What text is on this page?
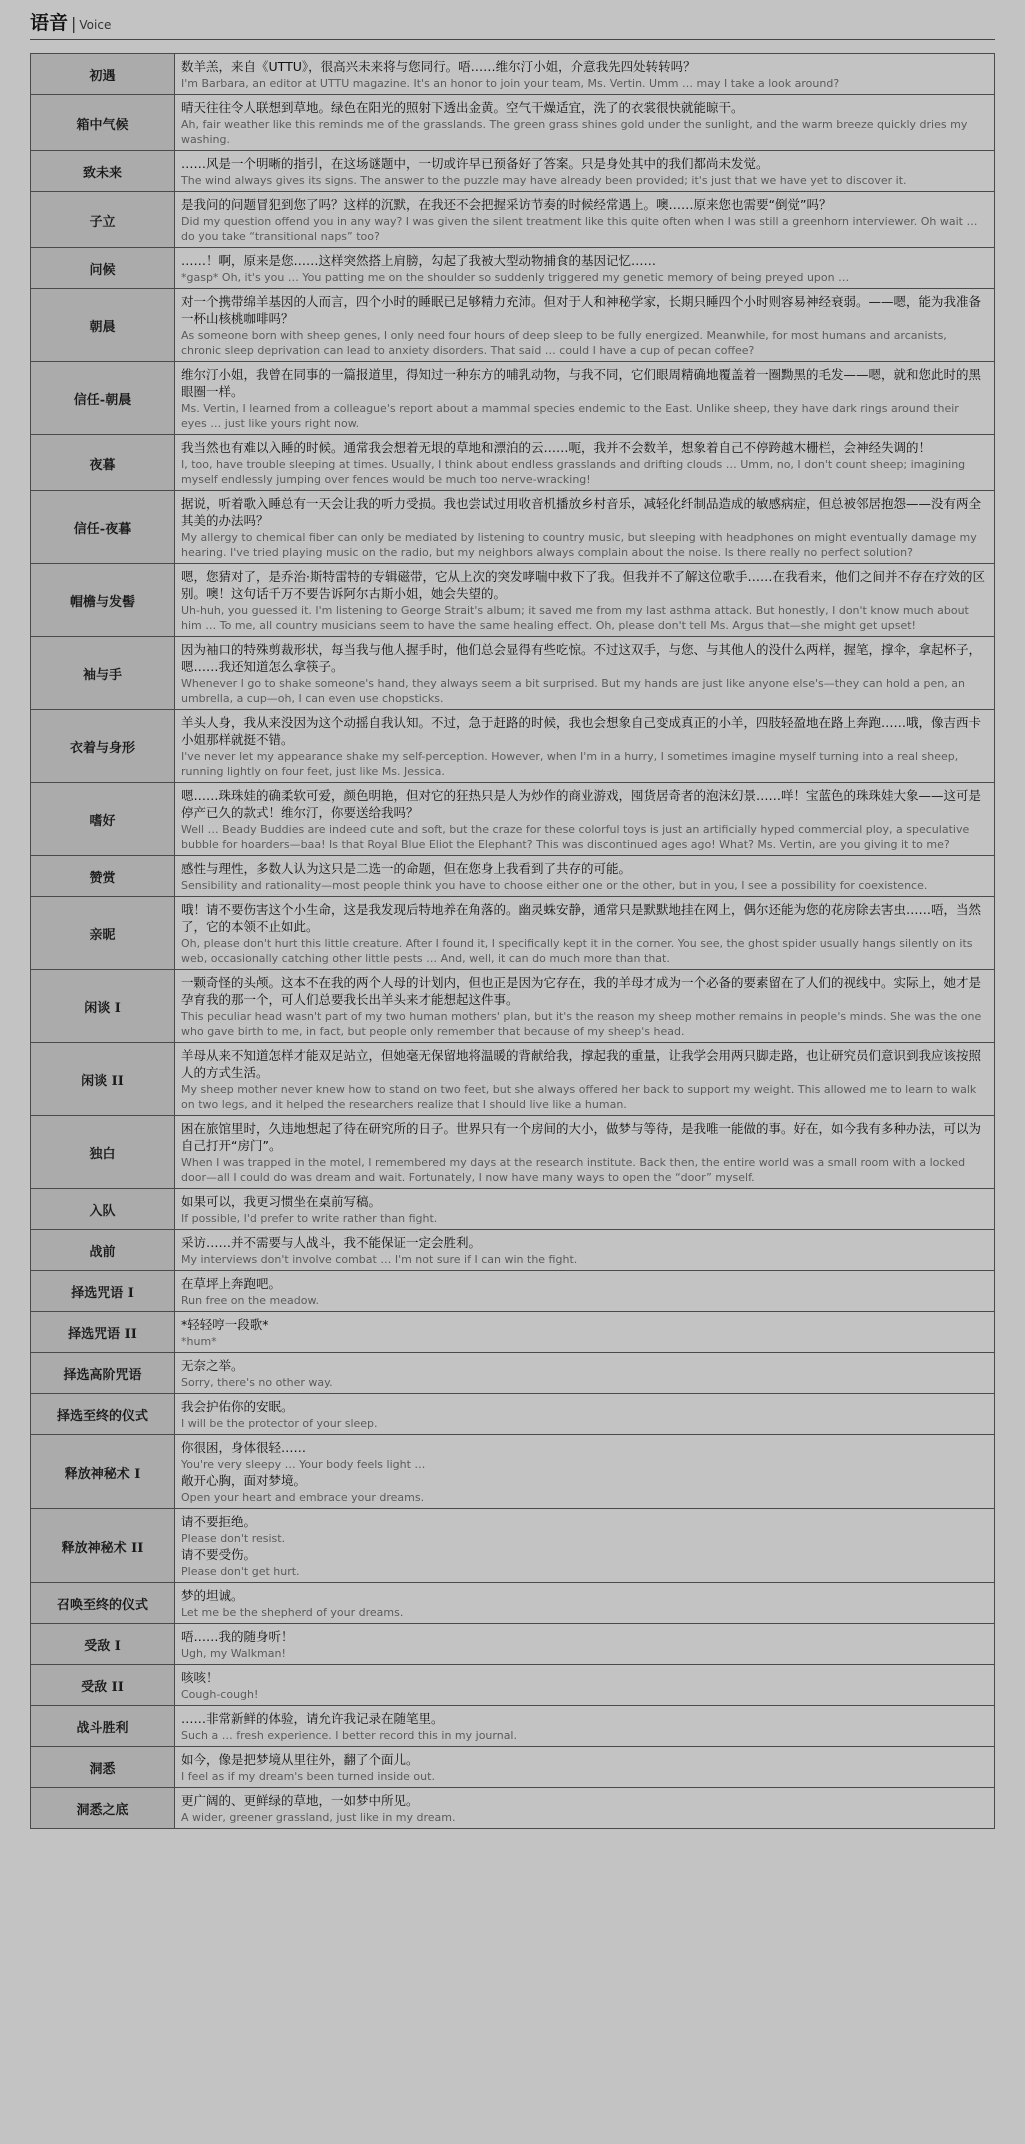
语音 | Voice
初遇	数羊羔，来自《UTTU》，很高兴未来将与您同行。唔……维尔汀小姐，介意我先四处转转吗？
I'm Barbara, an editor at UTTU magazine. It's an honor to join your team, Ms. Vertin. Umm … may I take a look around?

箱中气候	晴天往往令人联想到草地。绿色在阳光的照射下透出金黄。空气干燥适宜，洗了的衣裳很快就能晾干。
Ah, fair weather like this reminds me of the grasslands. The green grass shines gold under the sunlight, and the warm breeze quickly dries my washing.

致未来	……风是一个明晰的指引，在这场谜题中，一切或许早已预备好了答案。只是身处其中的我们都尚未发觉。
The wind always gives its signs. The answer to the puzzle may have already been provided; it's just that we have yet to discover it.

子立	是我问的问题冒犯到您了吗？这样的沉默，在我还不会把握采访节奏的时候经常遇上。噢……原来您也需要“倒觉”吗？
Did my question offend you in any way? I was given the silent treatment like this quite often when I was still a greenhorn interviewer. Oh wait … do you take “transitional naps” too?

问候	……！啊，原来是您……这样突然搭上肩膀，勾起了我被大型动物捕食的基因记忆……
*gasp* Oh, it's you … You patting me on the shoulder so suddenly triggered my genetic memory of being preyed upon …

朝晨	对一个携带绵羊基因的人而言，四个小时的睡眠已足够精力充沛。但对于人和神秘学家，长期只睡四个小时则容易神经衰弱。——嗯，能为我准备一杯山核桃咖啡吗？
As someone born with sheep genes, I only need four hours of deep sleep to be fully energized. Meanwhile, for most humans and arcanists, chronic sleep deprivation can lead to anxiety disorders. That said … could I have a cup of pecan coffee?

信任-朝晨	维尔汀小姐，我曾在同事的一篇报道里，得知过一种东方的哺乳动物，与我不同，它们眼周精确地覆盖着一圈黝黑的毛发——嗯，就和您此时的黑眼圈一样。
Ms. Vertin, I learned from a colleague's report about a mammal species endemic to the East. Unlike sheep, they have dark rings around their eyes … just like yours right now.

夜暮	我当然也有难以入睡的时候。通常我会想着无垠的草地和漂泊的云……呃，我并不会数羊，想象着自己不停跨越木栅栏，会神经失调的！
I, too, have trouble sleeping at times. Usually, I think about endless grasslands and drifting clouds … Umm, no, I don't count sheep; imagining myself endlessly jumping over fences would be much too nerve-wracking!

信任-夜暮	据说，听着歌入睡总有一天会让我的听力受损。我也尝试过用收音机播放乡村音乐，减轻化纤制品造成的敏感病症，但总被邻居抱怨——没有两全其美的办法吗？
My allergy to chemical fiber can only be mediated by listening to country music, but sleeping with headphones on might eventually damage my hearing. I've tried playing music on the radio, but my neighbors always complain about the noise. Is there really no perfect solution?

帽檐与发髻	嗯，您猜对了，是乔治·斯特雷特的专辑磁带，它从上次的突发哮喘中救下了我。但我并不了解这位歌手……在我看来，他们之间并不存在疗效的区别。噢！这句话千万不要告诉阿尔古斯小姐，她会失望的。
Uh-huh, you guessed it. I'm listening to George Strait's album; it saved me from my last asthma attack. But honestly, I don't know much about him … To me, all country musicians seem to have the same healing effect. Oh, please don't tell Ms. Argus that—she might get upset!

袖与手	因为袖口的特殊剪裁形状，每当我与他人握手时，他们总会显得有些吃惊。不过这双手，与您、与其他人的没什么两样，握笔，撑伞，拿起杯子，嗯……我还知道怎么拿筷子。
Whenever I go to shake someone's hand, they always seem a bit surprised. But my hands are just like anyone else's—they can hold a pen, an umbrella, a cup—oh, I can even use chopsticks.

衣着与身形	羊头人身，我从来没因为这个动摇自我认知。不过，急于赶路的时候，我也会想象自己变成真正的小羊，四肢轻盈地在路上奔跑……哦，像吉西卡小姐那样就挺不错。
I've never let my appearance shake my self-perception. However, when I'm in a hurry, I sometimes imagine myself turning into a real sheep, running lightly on four feet, just like Ms. Jessica.

嗜好	嗯……珠珠娃的确柔软可爱，颜色明艳，但对它的狂热只是人为炒作的商业游戏，囤货居奇者的泡沫幻景……咩！宝蓝色的珠珠娃大象——这可是停产已久的款式！维尔汀，你要送给我吗？
Well … Beady Buddies are indeed cute and soft, but the craze for these colorful toys is just an artificially hyped commercial ploy, a speculative bubble for hoarders—baa! Is that Royal Blue Eliot the Elephant? This was discontinued ages ago! What? Ms. Vertin, are you giving it to me?

赞赏	感性与理性，多数人认为这只是二选一的命题，但在您身上我看到了共存的可能。
Sensibility and rationality—most people think you have to choose either one or the other, but in you, I see a possibility for coexistence.

亲昵	哦！请不要伤害这个小生命，这是我发现后特地养在角落的。幽灵蛛安静，通常只是默默地挂在网上，偶尔还能为您的花房除去害虫……唔，当然了，它的本领不止如此。
Oh, please don't hurt this little creature. After I found it, I specifically kept it in the corner. You see, the ghost spider usually hangs silently on its web, occasionally catching other little pests … And, well, it can do much more than that.

闲谈 I	一颗奇怪的头颅。这本不在我的两个人母的计划内，但也正是因为它存在，我的羊母才成为一个必备的要素留在了人们的视线中。实际上，她才是孕育我的那一个，可人们总要我长出羊头来才能想起这件事。
This peculiar head wasn't part of my two human mothers' plan, but it's the reason my sheep mother remains in people's minds. She was the one who gave birth to me, in fact, but people only remember that because of my sheep's head.

闲谈 II	羊母从来不知道怎样才能双足站立，但她毫无保留地将温暖的背献给我，撑起我的重量，让我学会用两只脚走路，也让研究员们意识到我应该按照人的方式生活。
My sheep mother never knew how to stand on two feet, but she always offered her back to support my weight. This allowed me to learn to walk on two legs, and it helped the researchers realize that I should live like a human.

独白	困在旅馆里时，久违地想起了待在研究所的日子。世界只有一个房间的大小，做梦与等待，是我唯一能做的事。好在，如今我有多种办法，可以为自己打开“房门”。
When I was trapped in the motel, I remembered my days at the research institute. Back then, the entire world was a small room with a locked door—all I could do was dream and wait. Fortunately, I now have many ways to open the “door” myself.

入队	如果可以，我更习惯坐在桌前写稿。
If possible, I'd prefer to write rather than fight.

战前	采访……并不需要与人战斗，我不能保证一定会胜利。
My interviews don't involve combat … I'm not sure if I can win the fight.

择选咒语 I	在草坪上奔跑吧。
Run free on the meadow.

择选咒语 II	*轻轻哼一段歌*
*hum*

择选高阶咒语	无奈之举。
Sorry, there's no other way.

择选至终的仪式	我会护佑你的安眠。
I will be the protector of your sleep.

释放神秘术 I	你很困，身体很轻……
You're very sleepy … Your body feels light …
敞开心胸，面对梦境。
Open your heart and embrace your dreams.

释放神秘术 II	请不要拒绝。
Please don't resist.
请不要受伤。
Please don't get hurt.

召唤至终的仪式	梦的坦诚。
Let me be the shepherd of your dreams.

受敌 I	唔……我的随身听！
Ugh, my Walkman!

受敌 II	咳咳！
Cough-cough!

战斗胜利	……非常新鲜的体验，请允许我记录在随笔里。
Such a … fresh experience. I better record this in my journal.

洞悉	如今，像是把梦境从里往外，翻了个面儿。
I feel as if my dream's been turned inside out.

洞悉之底	更广阔的、更鲜绿的草地，一如梦中所见。
A wider, greener grassland, just like in my dream.
